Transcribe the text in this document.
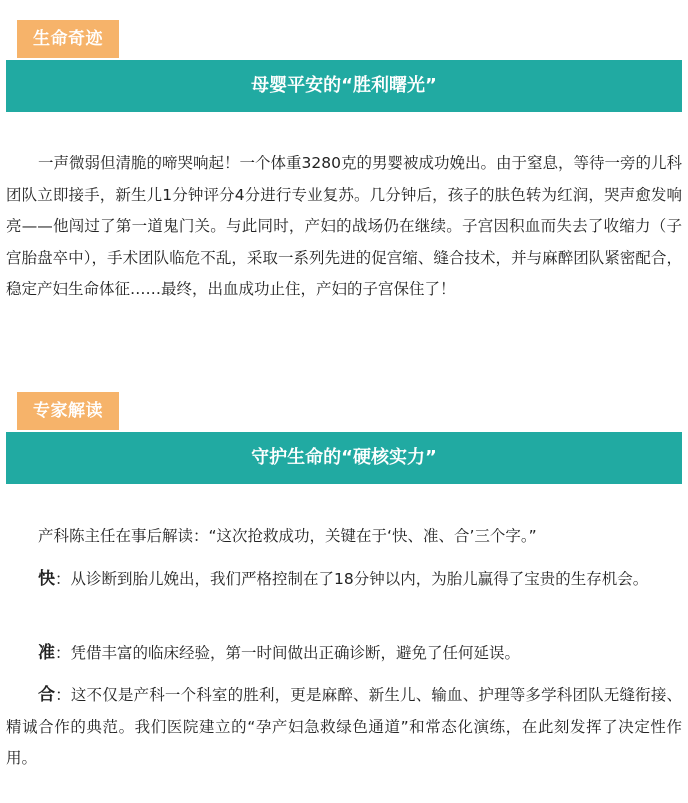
生命奇迹
母婴平安的“胜利曙光”

一声微弱但清脆的啼哭响起！一个体重3280克的男婴被成功娩出。由于窒息，等待一旁的儿科团队立即接手，新生儿1分钟评分4分进行专业复苏。几分钟后，孩子的肤色转为红润，哭声愈发响亮——他闯过了第一道鬼门关。与此同时，产妇的战场仍在继续。子宫因积血而失去了收缩力（子宫胎盘卒中），手术团队临危不乱，采取一系列先进的促宫缩、缝合技术，并与麻醉团队紧密配合，稳定产妇生命体征……最终，出血成功止住，产妇的子宫保住了！

专家解读
守护生命的“硬核实力”

产科陈主任在事后解读：“这次抢救成功，关键在于‘快、准、合’三个字。”

快：从诊断到胎儿娩出，我们严格控制在了18分钟以内，为胎儿赢得了宝贵的生存机会。

准：凭借丰富的临床经验，第一时间做出正确诊断，避免了任何延误。

合：这不仅是产科一个科室的胜利，更是麻醉、新生儿、输血、护理等多学科团队无缝衔接、精诚合作的典范。我们医院建立的“孕产妇急救绿色通道”和常态化演练，在此刻发挥了决定性作用。
